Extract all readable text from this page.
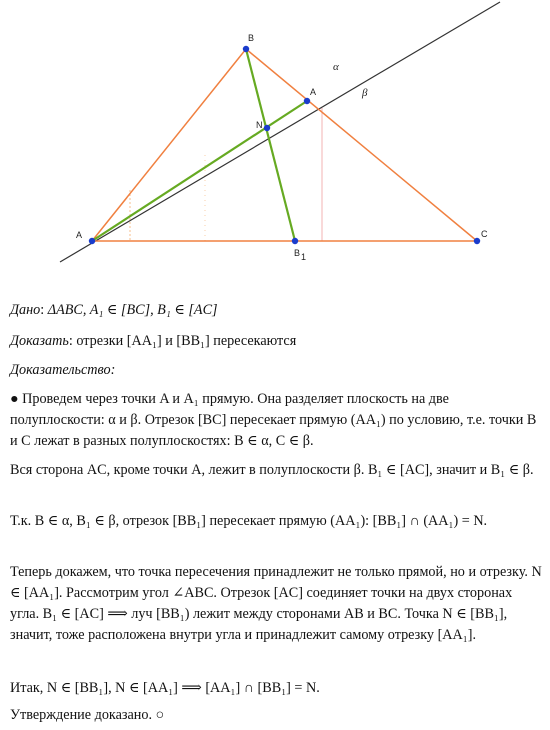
A
B
C
A
N
B 1
α
β
Дано: ΔABC, A₁ ∈ [BC], B₁ ∈ [AC]
Доказать: отрезки [AA₁] и [BB₁] пересекаются
Доказательство:

● Проведем через точки A и A₁ прямую. Она разделяет плоскость на две полуплоскости: α и β. Отрезок [BC] пересекает прямую (AA₁) по условию, т.е. точки B и C лежат в разных полуплоскостях: B ∈ α, C ∈ β.

Вся сторона AC, кроме точки A, лежит в полуплоскости β. B₁ ∈ [AC], значит и B₁ ∈ β.

Т.к. B ∈ α, B₁ ∈ β, отрезок [BB₁] пересекает прямую (AA₁): [BB₁] ∩ (AA₁) = N.

Теперь докажем, что точка пересечения принадлежит не только прямой, но и отрезку. N ∈ [AA₁]. Рассмотрим угол ∠ABC. Отрезок [AC] соединяет точки на двух сторонах угла. B₁ ∈ [AC] ⟹ луч [BB₁) лежит между сторонами AB и BC. Точка N ∈ [BB₁], значит, тоже расположена внутри угла и принадлежит самому отрезку [AA₁].

Итак, N ∈ [BB₁], N ∈ [AA₁] ⟹ [AA₁] ∩ [BB₁] = N.

Утверждение доказано. ○
